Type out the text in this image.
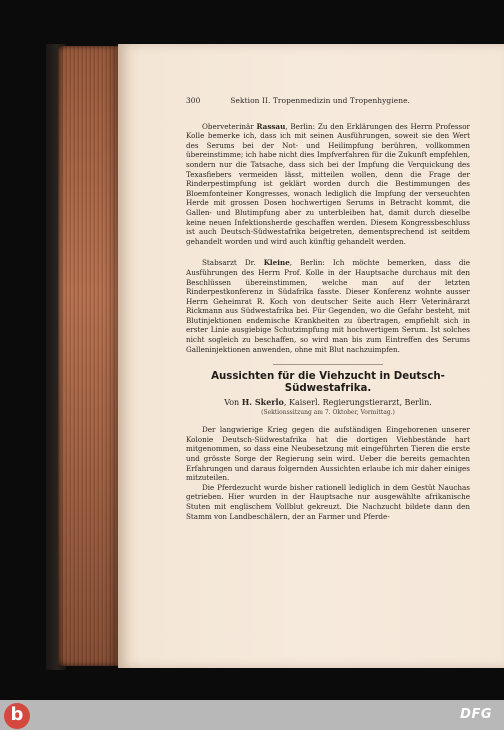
300	Sektion II. Tropenmedizin und Tropenhygiene.

Oberveterinär Rassau, Berlin: Zu den Erklärungen des Herrn Professor Kolle bemerke ich, dass ich mit seinen Ausführungen, soweit sie den Wert des Serums bei der Not- und Heilimpfung berühren, vollkommen übereinstimme; ich habe nicht dies Impfverfahren für die Zukunft empfehlen, sondern nur die Tatsache, dass sich bei der Impfung die Verquickung des Texasfiebers vermeiden lässt, mitteilen wollen, denn die Frage der Rinderpestimpfung ist geklärt worden durch die Bestimmungen des Bloemfonteiner Kongresses, wonach lediglich die Impfung der verseuchten Herde mit grossen Dosen hochwertigen Serums in Betracht kommt, die Gallen- und Blutimpfung aber zu unterbleiben hat, damit durch dieselbe keine neuen Infektionsherde geschaffen werden. Diesem Kongressbeschluss ist auch Deutsch-Südwestafrika beigetreten, dementsprechend ist seitdem gehandelt worden und wird auch künftig gehandelt werden.

Stabsarzt Dr. Kleine, Berlin: Ich möchte bemerken, dass die Ausführungen des Herrn Prof. Kolle in der Hauptsache durchaus mit den Beschlüssen übereinstimmen, welche man auf der letzten Rinderpestkonferenz in Südafrika fasste. Dieser Konferenz wohnte ausser Herrn Geheimrat R. Koch von deutscher Seite auch Herr Veterinärarzt Rickmann aus Südwestafrika bei. Für Gegenden, wo die Gefahr besteht, mit Blutinjektionen endemische Krankheiten zu übertragen, empfiehlt sich in erster Linie ausgiebige Schutzimpfung mit hochwertigem Serum. Ist solches nicht sogleich zu beschaffen, so wird man bis zum Eintreffen des Serums Galleninjektionen anwenden, ohne mit Blut nachzuimpfen.

Aussichten für die Viehzucht in Deutsch-
Südwestafrika.

Von H. Skerlo, Kaiserl. Regierungstierarzt, Berlin.

(Sektionssitzung am 7. Oktober, Vormittag.)

Der langwierige Krieg gegen die aufständigen Eingeborenen unserer Kolonie Deutsch-Südwestafrika hat die dortigen Viehbestände hart mitgenommen, so dass eine Neubesetzung mit eingeführten Tieren die erste und grösste Sorge der Regierung sein wird. Ueber die bereits gemachten Erfahrungen und daraus folgernden Aussichten erlaube ich mir daher einiges mitzuteilen.

Die Pferdezucht wurde bisher rationell lediglich in dem Gestüt Nauchas getrieben. Hier wurden in der Hauptsache nur ausgewählte afrikanische Stuten mit englischem Vollblut gekreuzt. Die Nachzucht bildete dann den Stamm von Landbeschälern, der an Farmer und Pferde-

b	DFG
